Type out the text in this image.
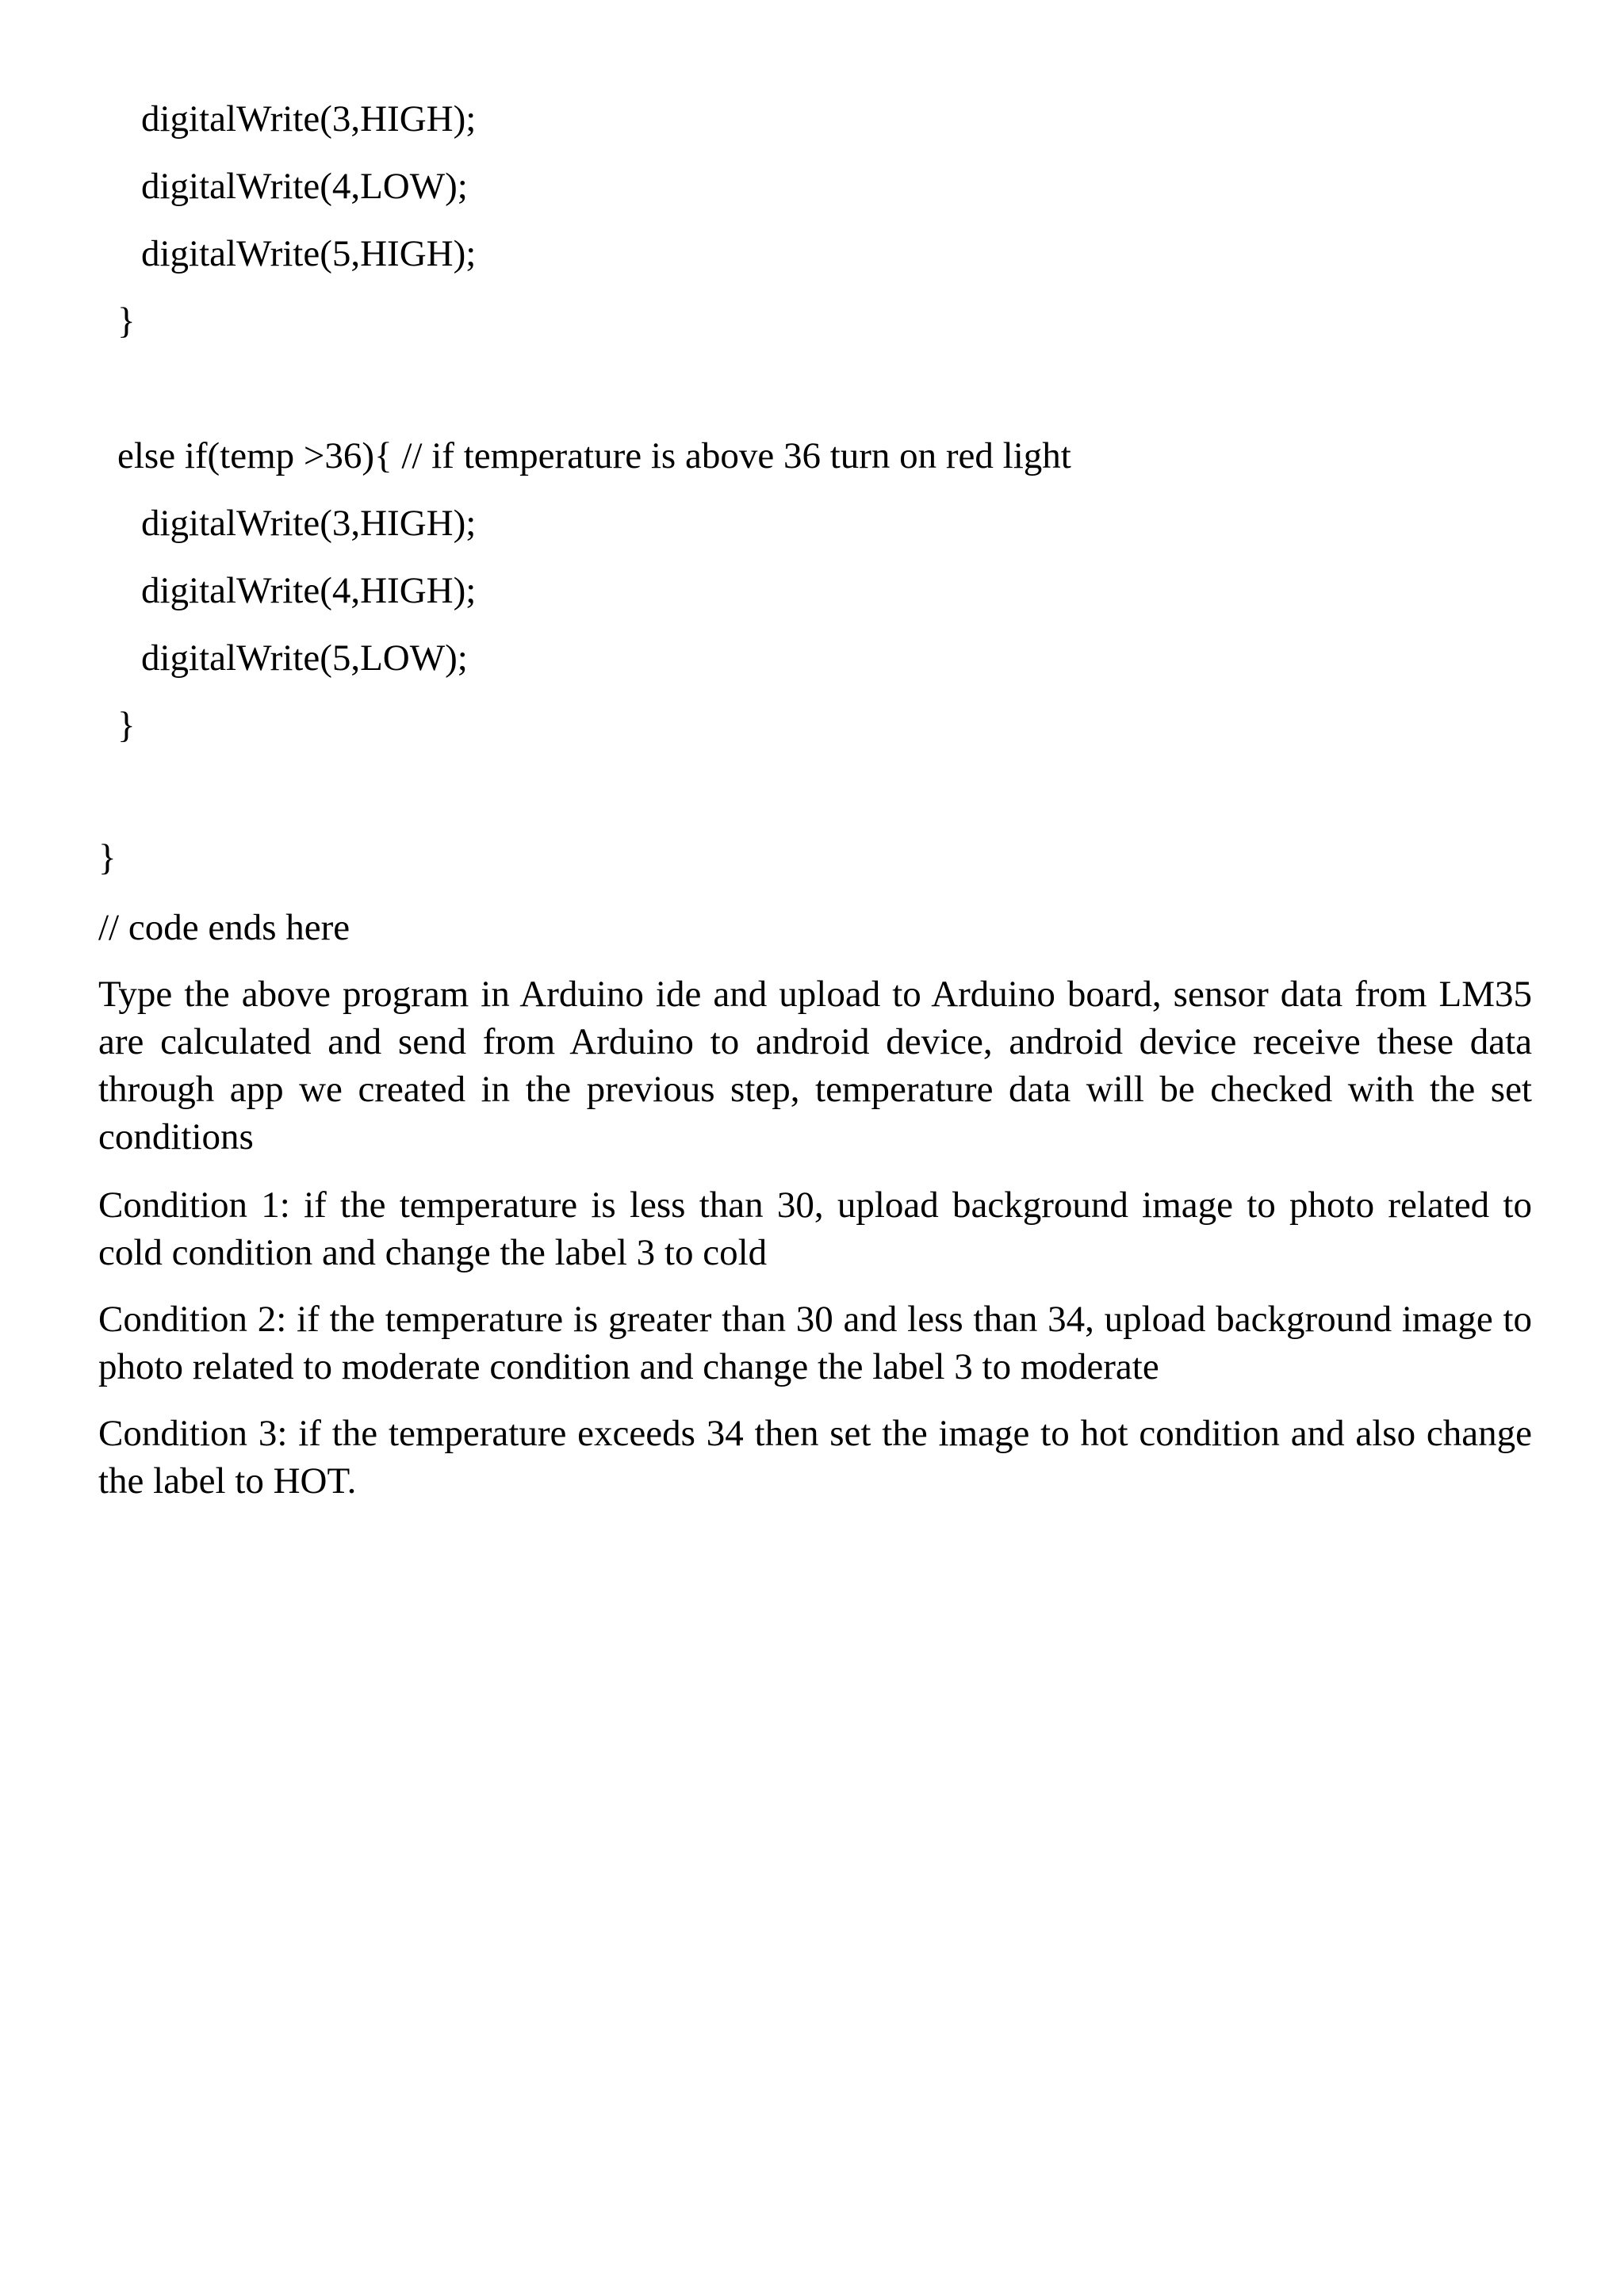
digitalWrite(3,HIGH);
digitalWrite(4,LOW);
digitalWrite(5,HIGH);
}
else if(temp >36){ // if temperature is above 36 turn on red light
digitalWrite(3,HIGH);
digitalWrite(4,HIGH);
digitalWrite(5,LOW);
}
}
// code ends here

Type the above program in Arduino ide and upload to Arduino board, sensor data from LM35 are calculated and send from Arduino to android device, android device receive these data through app we created in the previous step, temperature data will be checked with the set conditions

Condition 1: if the temperature is less than 30, upload background image to photo related to cold condition and change the label 3 to cold

Condition 2: if the temperature is greater than 30 and less than 34, upload background image to photo related to moderate condition and change the label 3 to moderate

Condition 3: if the temperature exceeds 34 then set the image to hot condition and also change the label to HOT.
